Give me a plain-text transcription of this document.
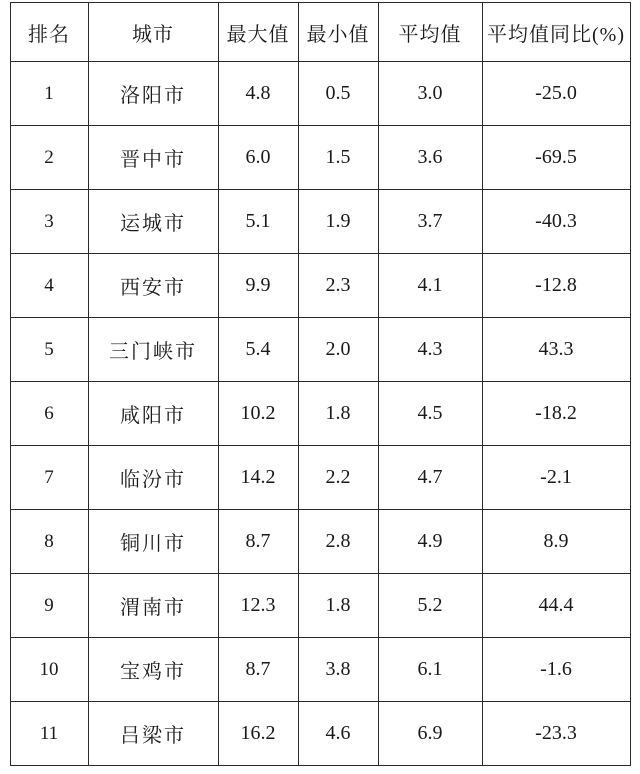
排名	城市	最大值	最小值	平均值	平均值同比(%)
1	洛阳市	4.8	0.5	3.0	-25.0
2	晋中市	6.0	1.5	3.6	-69.5
3	运城市	5.1	1.9	3.7	-40.3
4	西安市	9.9	2.3	4.1	-12.8
5	三门峡市	5.4	2.0	4.3	43.3
6	咸阳市	10.2	1.8	4.5	-18.2
7	临汾市	14.2	2.2	4.7	-2.1
8	铜川市	8.7	2.8	4.9	8.9
9	渭南市	12.3	1.8	5.2	44.4
10	宝鸡市	8.7	3.8	6.1	-1.6
11	吕梁市	16.2	4.6	6.9	-23.3
